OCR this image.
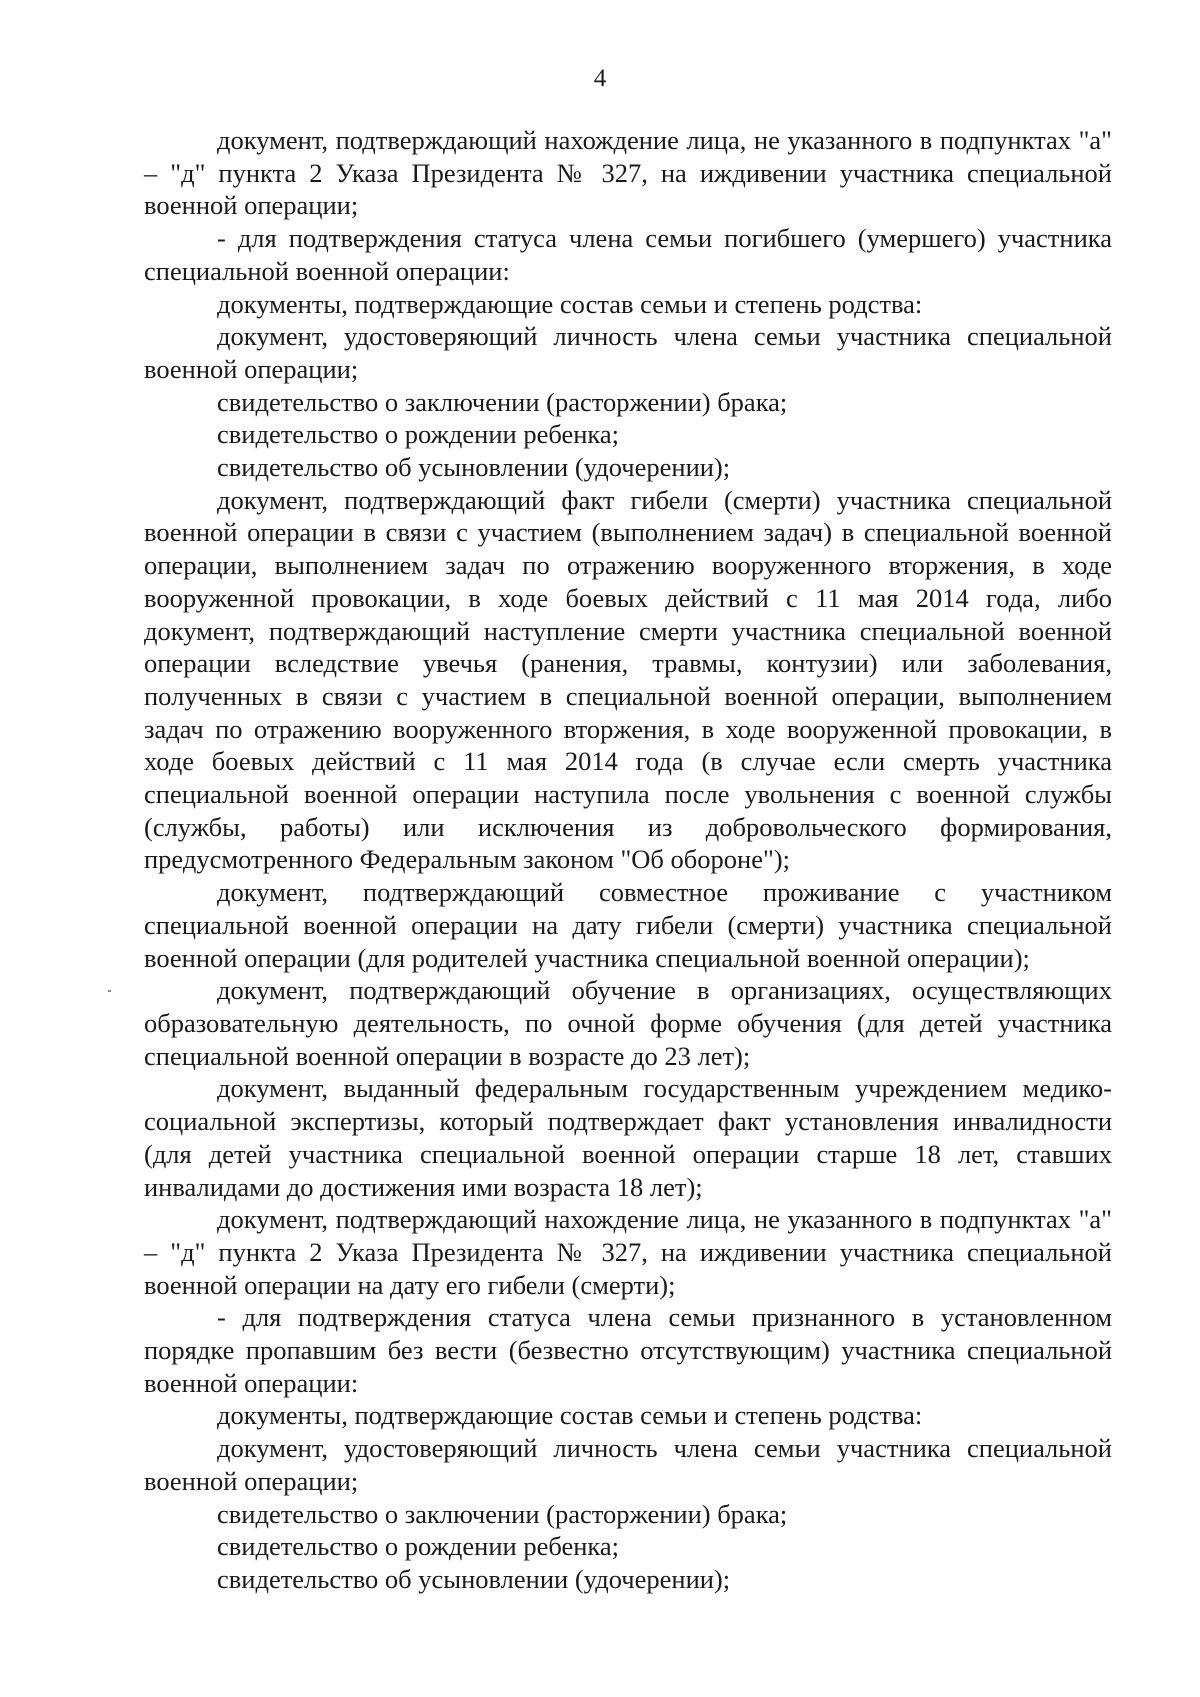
4

документ, подтверждающий нахождение лица, не указанного в подпунктах "а" – "д" пункта 2 Указа Президента № 327, на иждивении участника специальной военной операции;

- для подтверждения статуса члена семьи погибшего (умершего) участника специальной военной операции:

документы, подтверждающие состав семьи и степень родства:

документ, удостоверяющий личность члена семьи участника специальной военной операции;

свидетельство о заключении (расторжении) брака;

свидетельство о рождении ребенка;

свидетельство об усыновлении (удочерении);

документ, подтверждающий факт гибели (смерти) участника специальной военной операции в связи с участием (выполнением задач) в специальной военной операции, выполнением задач по отражению вооруженного вторжения, в ходе вооруженной провокации, в ходе боевых действий с 11 мая 2014 года, либо документ, подтверждающий наступление смерти участника специальной военной операции вследствие увечья (ранения, травмы, контузии) или заболевания, полученных в связи с участием в специальной военной операции, выполнением задач по отражению вооруженного вторжения, в ходе вооруженной провокации, в ходе боевых действий с 11 мая 2014 года (в случае если смерть участника специальной военной операции наступила после увольнения с военной службы (службы, работы) или исключения из добровольческого формирования, предусмотренного Федеральным законом "Об обороне");

документ, подтверждающий совместное проживание с участником специальной военной операции на дату гибели (смерти) участника специальной военной операции (для родителей участника специальной военной операции);

документ, подтверждающий обучение в организациях, осуществляющих образовательную деятельность, по очной форме обучения (для детей участника специальной военной операции в возрасте до 23 лет);

документ, выданный федеральным государственным учреждением медико-социальной экспертизы, который подтверждает факт установления инвалидности (для детей участника специальной военной операции старше 18 лет, ставших инвалидами до достижения ими возраста 18 лет);

документ, подтверждающий нахождение лица, не указанного в подпунктах "а" – "д" пункта 2 Указа Президента № 327, на иждивении участника специальной военной операции на дату его гибели (смерти);

- для подтверждения статуса члена семьи признанного в установленном порядке пропавшим без вести (безвестно отсутствующим) участника специальной военной операции:

документы, подтверждающие состав семьи и степень родства:

документ, удостоверяющий личность члена семьи участника специальной военной операции;

свидетельство о заключении (расторжении) брака;

свидетельство о рождении ребенка;

свидетельство об усыновлении (удочерении);
